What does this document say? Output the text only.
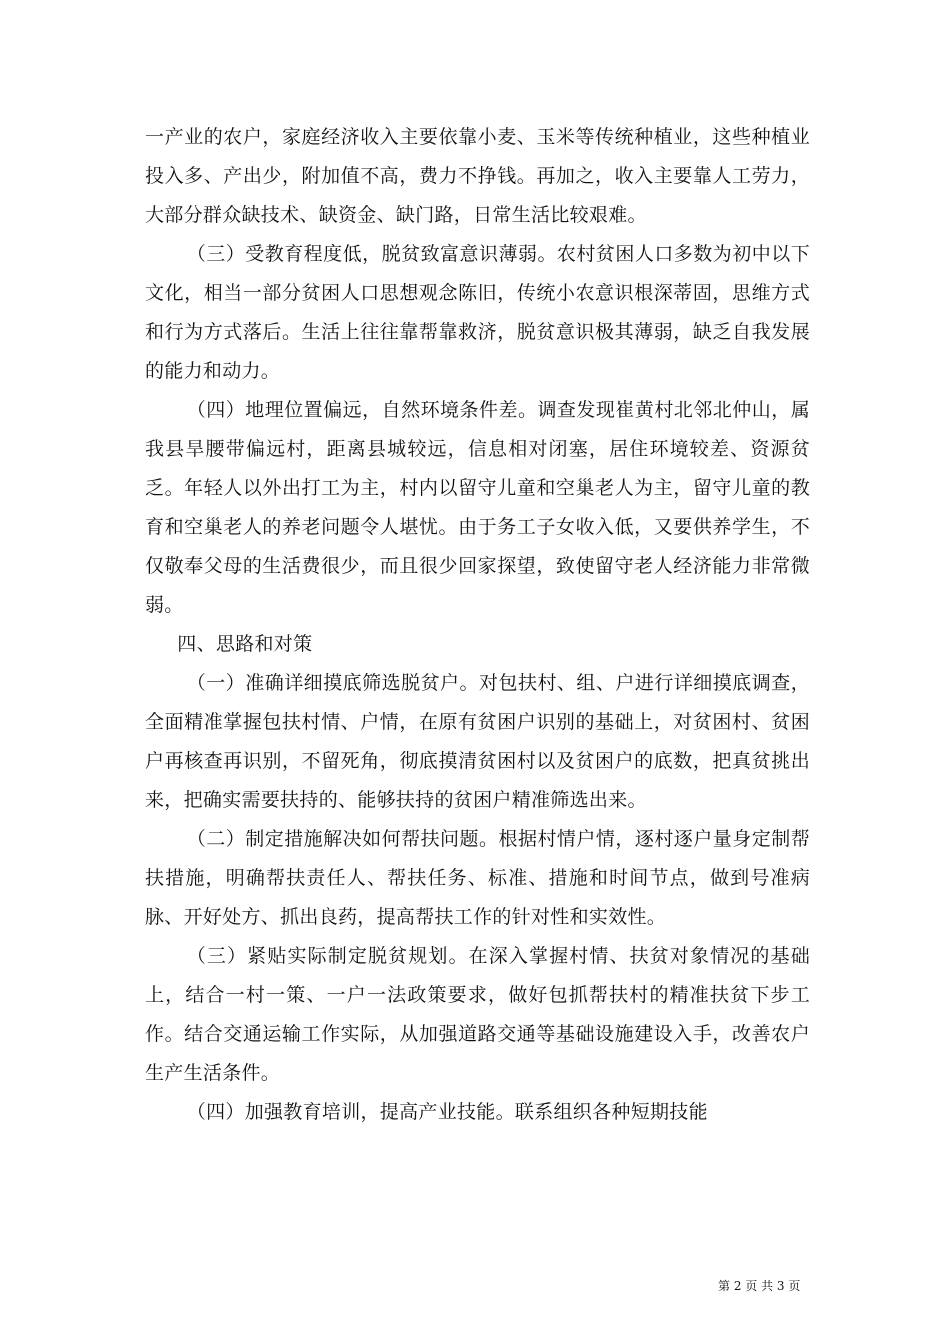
一产业的农户，家庭经济收入主要依靠小麦、玉米等传统种植业，这些种植业投入多、产出少，附加值不高，费力不挣钱。再加之，收入主要靠人工劳力，大部分群众缺技术、缺资金、缺门路，日常生活比较艰难。

（三）受教育程度低，脱贫致富意识薄弱。农村贫困人口多数为初中以下文化，相当一部分贫困人口思想观念陈旧，传统小农意识根深蒂固，思维方式和行为方式落后。生活上往往靠帮靠救济，脱贫意识极其薄弱，缺乏自我发展的能力和动力。

（四）地理位置偏远，自然环境条件差。调查发现崔黄村北邻北仲山，属我县旱腰带偏远村，距离县城较远，信息相对闭塞，居住环境较差、资源贫乏。年轻人以外出打工为主，村内以留守儿童和空巢老人为主，留守儿童的教育和空巢老人的养老问题令人堪忧。由于务工子女收入低，又要供养学生，不仅敬奉父母的生活费很少，而且很少回家探望，致使留守老人经济能力非常微弱。

四、思路和对策

（一）准确详细摸底筛选脱贫户。对包扶村、组、户进行详细摸底调查，全面精准掌握包扶村情、户情，在原有贫困户识别的基础上，对贫困村、贫困户再核查再识别，不留死角，彻底摸清贫困村以及贫困户的底数，把真贫挑出来，把确实需要扶持的、能够扶持的贫困户精准筛选出来。

（二）制定措施解决如何帮扶问题。根据村情户情，逐村逐户量身定制帮扶措施，明确帮扶责任人、帮扶任务、标准、措施和时间节点，做到号准病脉、开好处方、抓出良药，提高帮扶工作的针对性和实效性。

（三）紧贴实际制定脱贫规划。在深入掌握村情、扶贫对象情况的基础上，结合一村一策、一户一法政策要求，做好包抓帮扶村的精准扶贫下步工作。结合交通运输工作实际，从加强道路交通等基础设施建设入手，改善农户生产生活条件。

（四）加强教育培训，提高产业技能。联系组织各种短期技能

第 2 页 共 3 页
